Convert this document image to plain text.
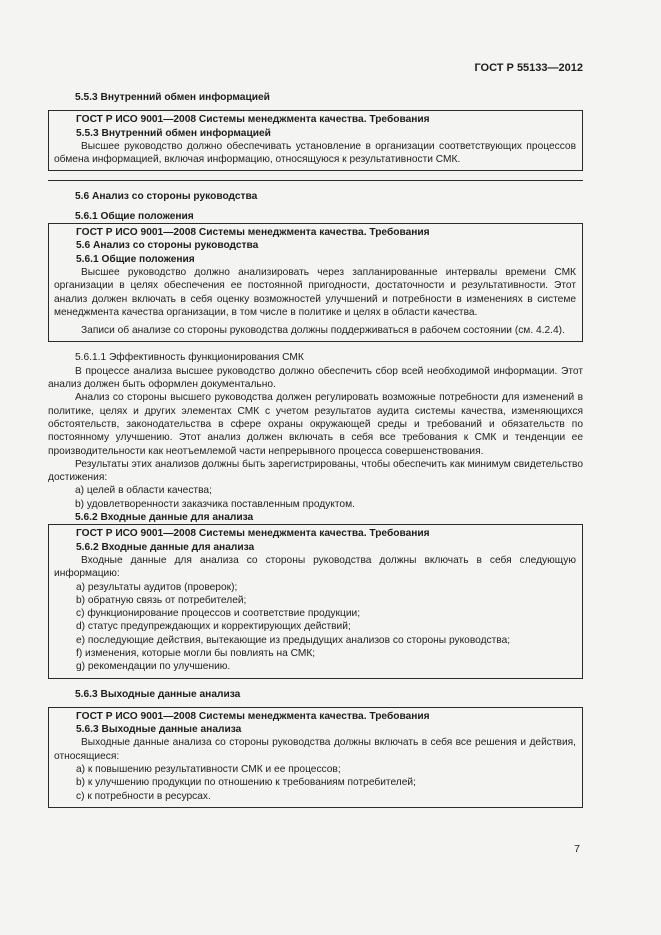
ГОСТ Р 55133—2012
5.5.3 Внутренний обмен информацией
ГОСТ Р ИСО 9001—2008 Системы менеджмента качества. Требования
5.5.3 Внутренний обмен информацией
Высшее руководство должно обеспечивать установление в организации соответствующих процессов обмена информацией, включая информацию, относящуюся к результативности СМК.
5.6 Анализ со стороны руководства
5.6.1 Общие положения
ГОСТ Р ИСО 9001—2008 Системы менеджмента качества. Требования
5.6 Анализ со стороны руководства
5.6.1 Общие положения
Высшее руководство должно анализировать через запланированные интервалы времени СМК организации в целях обеспечения ее постоянной пригодности, достаточности и результативности. Этот анализ должен включать в себя оценку возможностей улучшений и потребности в изменениях в системе менеджмента качества организации, в том числе в политике и целях в области качества.
Записи об анализе со стороны руководства должны поддерживаться в рабочем состоянии (см. 4.2.4).
5.6.1.1 Эффективность функционирования СМК
В процессе анализа высшее руководство должно обеспечить сбор всей необходимой информации. Этот анализ должен быть оформлен документально.
Анализ со стороны высшего руководства должен регулировать возможные потребности для изменений в политике, целях и других элементах СМК с учетом результатов аудита системы качества, изменяющихся обстоятельств, законодательства в сфере охраны окружающей среды и требований и обязательств по постоянному улучшению. Этот анализ должен включать в себя все требования к СМК и тенденции ее производительности как неотъемлемой части непрерывного процесса совершенствования.
Результаты этих анализов должны быть зарегистрированы, чтобы обеспечить как минимум свидетельство достижения:
а) целей в области качества;
b) удовлетворенности заказчика поставленным продуктом.
5.6.2 Входные данные для анализа
ГОСТ Р ИСО 9001—2008 Системы менеджмента качества. Требования
5.6.2 Входные данные для анализа
Входные данные для анализа со стороны руководства должны включать в себя следующую информацию:
а) результаты аудитов (проверок);
b) обратную связь от потребителей;
с) функционирование процессов и соответствие продукции;
d) статус предупреждающих и корректирующих действий;
е) последующие действия, вытекающие из предыдущих анализов со стороны руководства;
f) изменения, которые могли бы повлиять на СМК;
g) рекомендации по улучшению.
5.6.3 Выходные данные анализа
ГОСТ Р ИСО 9001—2008 Системы менеджмента качества. Требования
5.6.3 Выходные данные анализа
Выходные данные анализа со стороны руководства должны включать в себя все решения и действия, относящиеся:
а) к повышению результативности СМК и ее процессов;
b) к улучшению продукции по отношению к требованиям потребителей;
с) к потребности в ресурсах.
7
